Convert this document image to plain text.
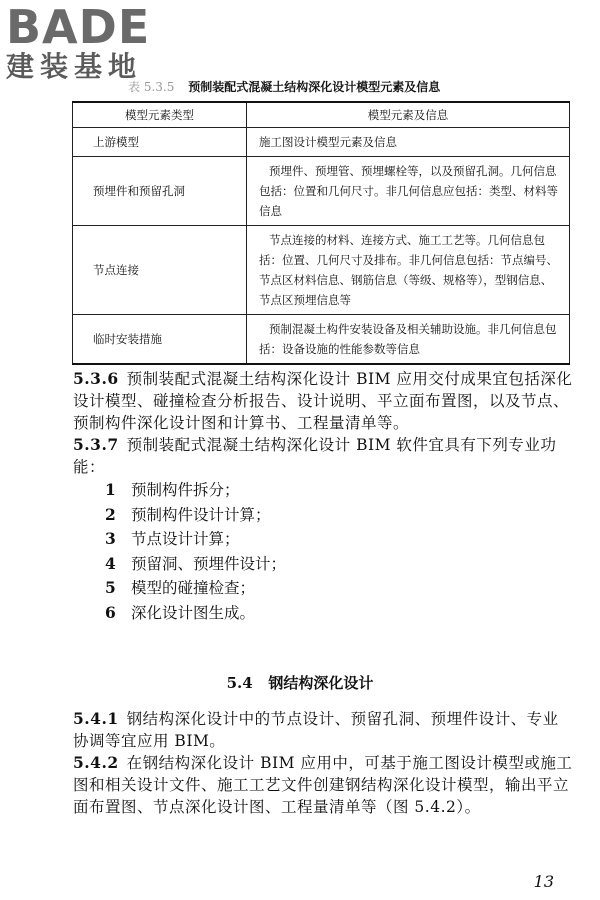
BADE
建装基地
表 5.3.5 预制装配式混凝土结构深化设计模型元素及信息
模型元素类型	模型元素及信息
上游模型	施工图设计模型元素及信息
预埋件和预留孔洞	预埋件、预埋管、预埋螺栓等，以及预留孔洞。几何信息包括：位置和几何尺寸。非几何信息应包括：类型、材料等信息
节点连接	节点连接的材料、连接方式、施工工艺等。几何信息包括：位置、几何尺寸及排布。非几何信息包括：节点编号、节点区材料信息、钢筋信息（等级、规格等），型钢信息、节点区预埋信息等
临时安装措施	预制混凝土构件安装设备及相关辅助设施。非几何信息包括：设备设施的性能参数等信息

5.3.6 预制装配式混凝土结构深化设计 BIM 应用交付成果宜包括深化设计模型、碰撞检查分析报告、设计说明、平立面布置图，以及节点、预制构件深化设计图和计算书、工程量清单等。

5.3.7 预制装配式混凝土结构深化设计 BIM 软件宜具有下列专业功能：

1 预制构件拆分；
2 预制构件设计计算；
3 节点设计计算；
4 预留洞、预埋件设计；
5 模型的碰撞检查；
6 深化设计图生成。
5.4 钢结构深化设计

5.4.1 钢结构深化设计中的节点设计、预留孔洞、预埋件设计、专业协调等宜应用 BIM。

5.4.2 在钢结构深化设计 BIM 应用中，可基于施工图设计模型或施工图和相关设计文件、施工工艺文件创建钢结构深化设计模型，输出平立面布置图、节点深化设计图、工程量清单等（图 5.4.2）。

13
